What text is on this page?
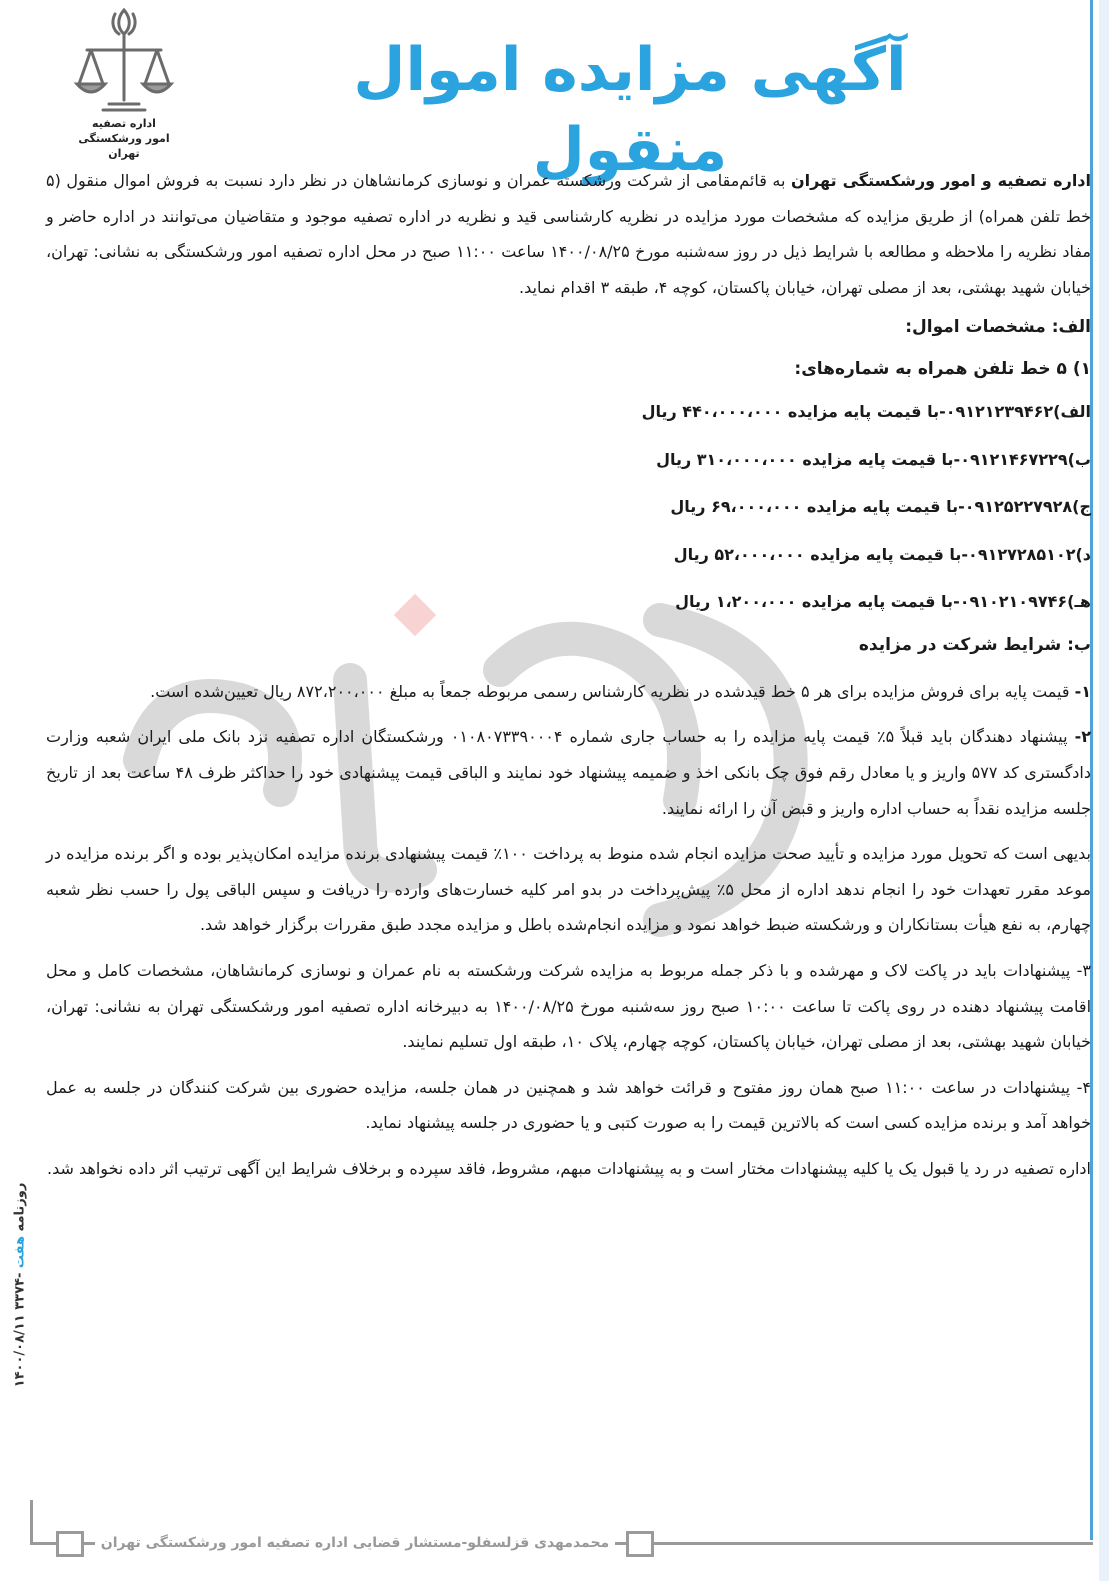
اداره تصفیه
امور ورشکستگی تهران
آگهی مزایده اموال منقول	اداره تصفیه و امور ورشکستگی تهران به قائم‌مقامی از شرکت ورشکسته عمران و نوسازی کرمانشاهان در نظر دارد نسبت به فروش اموال منقول (۵ خط تلفن همراه) از طریق مزایده که مشخصات مورد مزایده در نظریه کارشناسی قید و نظریه در اداره تصفیه موجود و متقاضیان می‌توانند در اداره حاضر و مفاد نظریه را ملاحظه و مطالعه با شرایط ذیل در روز سه‌شنبه مورخ ۱۴۰۰/۰۸/۲۵ ساعت ۱۱:۰۰ صبح در محل اداره تصفیه امور ورشکستگی به نشانی: تهران، خیابان شهید بهشتی، بعد از مصلی تهران، خیابان پاکستان، کوچه ۴، طبقه ۳ اقدام نماید.

الف: مشخصات اموال:
۱) ۵ خط تلفن همراه به شماره‌های:
الف)۰۹۱۲۱۲۳۹۴۶۲-با قیمت پایه مزایده ۴۴۰،۰۰۰،۰۰۰ ریال
ب)۰۹۱۲۱۴۶۷۲۲۹-با قیمت پایه مزایده ۳۱۰،۰۰۰،۰۰۰ ریال
ج)۰۹۱۲۵۲۲۷۹۲۸-با قیمت پایه مزایده ۶۹،۰۰۰،۰۰۰ ریال
د)۰۹۱۲۷۲۸۵۱۰۲-با قیمت پایه مزایده ۵۲،۰۰۰،۰۰۰ ریال
هـ)۰۹۱۰۲۱۰۹۷۴۶-با قیمت پایه مزایده ۱،۲۰۰،۰۰۰ ریال
ب: شرایط شرکت در مزایده

۱- قیمت پایه برای فروش مزایده برای هر ۵ خط قیدشده در نظریه کارشناس رسمی مربوطه جمعاً به مبلغ ۸۷۲،۲۰۰،۰۰۰ ریال تعیین‌شده است.

۲- پیشنهاد دهندگان باید قبلاً ۵٪ قیمت پایه مزایده را به حساب جاری شماره ۰۱۰۸۰۷۳۳۹۰۰۰۴ ورشکستگان اداره تصفیه نزد بانک ملی ایران شعبه وزارت دادگستری کد ۵۷۷ واریز و یا معادل رقم فوق چک بانکی اخذ و ضمیمه پیشنهاد خود نمایند و الباقی قیمت پیشنهادی خود را حداکثر ظرف ۴۸ ساعت بعد از تاریخ جلسه مزایده نقداً به حساب اداره واریز و قبض آن را ارائه نمایند.

بدیهی است که تحویل مورد مزایده و تأیید صحت مزایده انجام شده منوط به پرداخت ۱۰۰٪ قیمت پیشنهادی برنده مزایده امکان‌پذیر بوده و اگر برنده مزایده در موعد مقرر تعهدات خود را انجام ندهد اداره از محل ۵٪ پیش‌پرداخت در بدو امر کلیه خسارت‌های وارده را دریافت و سپس الباقی پول را حسب نظر شعبه چهارم، به نفع هیأت بستانکاران و ورشکسته ضبط خواهد نمود و مزایده انجام‌شده باطل و مزایده مجدد طبق مقررات برگزار خواهد شد.

۳- پیشنهادات باید در پاکت لاک و مهرشده و با ذکر جمله مربوط به مزایده شرکت ورشکسته به نام عمران و نوسازی کرمانشاهان، مشخصات کامل و محل اقامت پیشنهاد دهنده در روی پاکت تا ساعت ۱۰:۰۰ صبح روز سه‌شنبه مورخ ۱۴۰۰/۰۸/۲۵ به دبیرخانه اداره تصفیه امور ورشکستگی تهران به نشانی: تهران، خیابان شهید بهشتی، بعد از مصلی تهران، خیابان پاکستان، کوچه چهارم، پلاک ۱۰، طبقه اول تسلیم نمایند.

۴- پیشنهادات در ساعت ۱۱:۰۰ صبح همان روز مفتوح و قرائت خواهد شد و همچنین در همان جلسه، مزایده حضوری بین شرکت کنندگان در جلسه به عمل خواهد آمد و برنده مزایده کسی است که بالاترین قیمت را به صورت کتبی و یا حضوری در جلسه پیشنهاد نماید.

اداره تصفیه در رد یا قبول یک یا کلیه پیشنهادات مختار است و به پیشنهادات مبهم، مشروط، فاقد سپرده و برخلاف شرایط این آگهی ترتیب اثر داده نخواهد شد.

روزنامه هفت -۳۳۷۴ ۱۴۰۰/۰۸/۱۱
محمدمهدی قزلسفلو-مستشار قضایی اداره تصفیه امور ورشکستگی تهران
